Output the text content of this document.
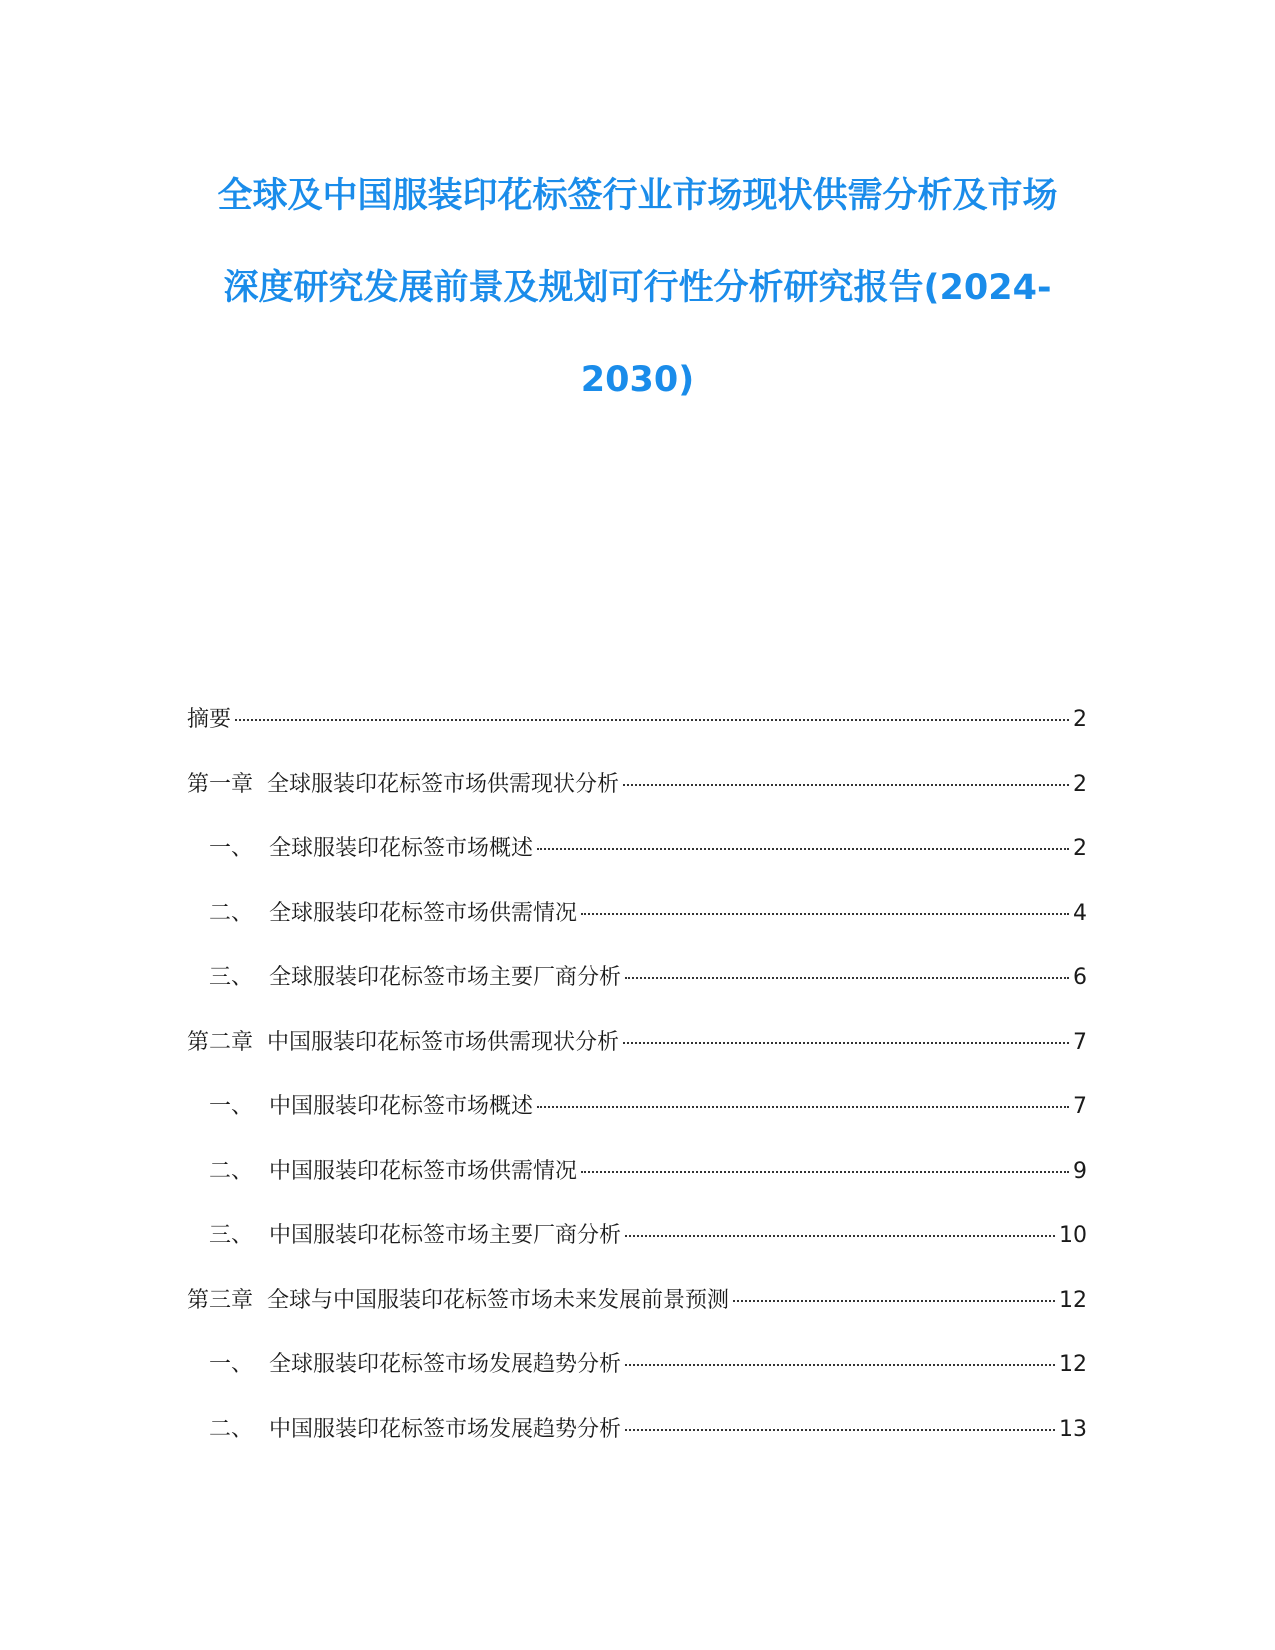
全球及中国服装印花标签行业市场现状供需分析及市场
深度研究发展前景及规划可行性分析研究报告(2024-
2030)
摘要	2
第一章 全球服装印花标签市场供需现状分析	2
一、 全球服装印花标签市场概述	2
二、 全球服装印花标签市场供需情况	4
三、 全球服装印花标签市场主要厂商分析	6
第二章 中国服装印花标签市场供需现状分析	7
一、 中国服装印花标签市场概述	7
二、 中国服装印花标签市场供需情况	9
三、 中国服装印花标签市场主要厂商分析	10
第三章 全球与中国服装印花标签市场未来发展前景预测	12
一、 全球服装印花标签市场发展趋势分析	12
二、 中国服装印花标签市场发展趋势分析	13
